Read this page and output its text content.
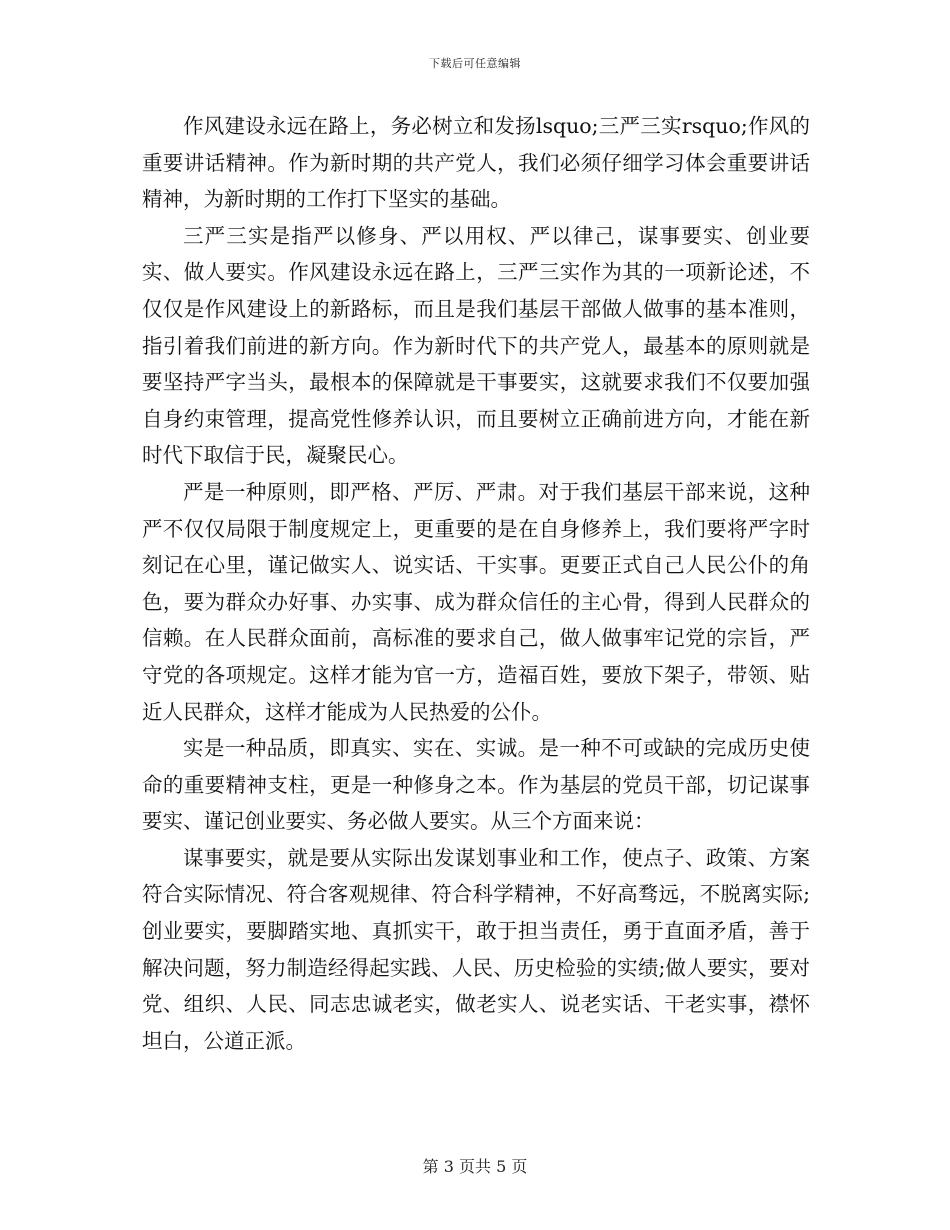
下载后可任意编辑

作风建设永远在路上，务必树立和发扬lsquo;三严三实rsquo;作风的重要讲话精神。作为新时期的共产党人，我们必须仔细学习体会重要讲话精神，为新时期的工作打下坚实的基础。

三严三实是指严以修身、严以用权、严以律己，谋事要实、创业要实、做人要实。作风建设永远在路上，三严三实作为其的一项新论述，不仅仅是作风建设上的新路标，而且是我们基层干部做人做事的基本准则，指引着我们前进的新方向。作为新时代下的共产党人，最基本的原则就是要坚持严字当头，最根本的保障就是干事要实，这就要求我们不仅要加强自身约束管理，提高党性修养认识，而且要树立正确前进方向，才能在新时代下取信于民，凝聚民心。

严是一种原则，即严格、严厉、严肃。对于我们基层干部来说，这种严不仅仅局限于制度规定上，更重要的是在自身修养上，我们要将严字时刻记在心里，谨记做实人、说实话、干实事。更要正式自己人民公仆的角色，要为群众办好事、办实事、成为群众信任的主心骨，得到人民群众的信赖。在人民群众面前，高标准的要求自己，做人做事牢记党的宗旨，严守党的各项规定。这样才能为官一方，造福百姓，要放下架子，带领、贴近人民群众，这样才能成为人民热爱的公仆。

实是一种品质，即真实、实在、实诚。是一种不可或缺的完成历史使命的重要精神支柱，更是一种修身之本。作为基层的党员干部，切记谋事要实、谨记创业要实、务必做人要实。从三个方面来说：

谋事要实，就是要从实际出发谋划事业和工作，使点子、政策、方案符合实际情况、符合客观规律、符合科学精神，不好高骛远，不脱离实际;创业要实，要脚踏实地、真抓实干，敢于担当责任，勇于直面矛盾，善于解决问题，努力制造经得起实践、人民、历史检验的实绩;做人要实，要对党、组织、人民、同志忠诚老实，做老实人、说老实话、干老实事，襟怀坦白，公道正派。

第 3 页共 5 页
